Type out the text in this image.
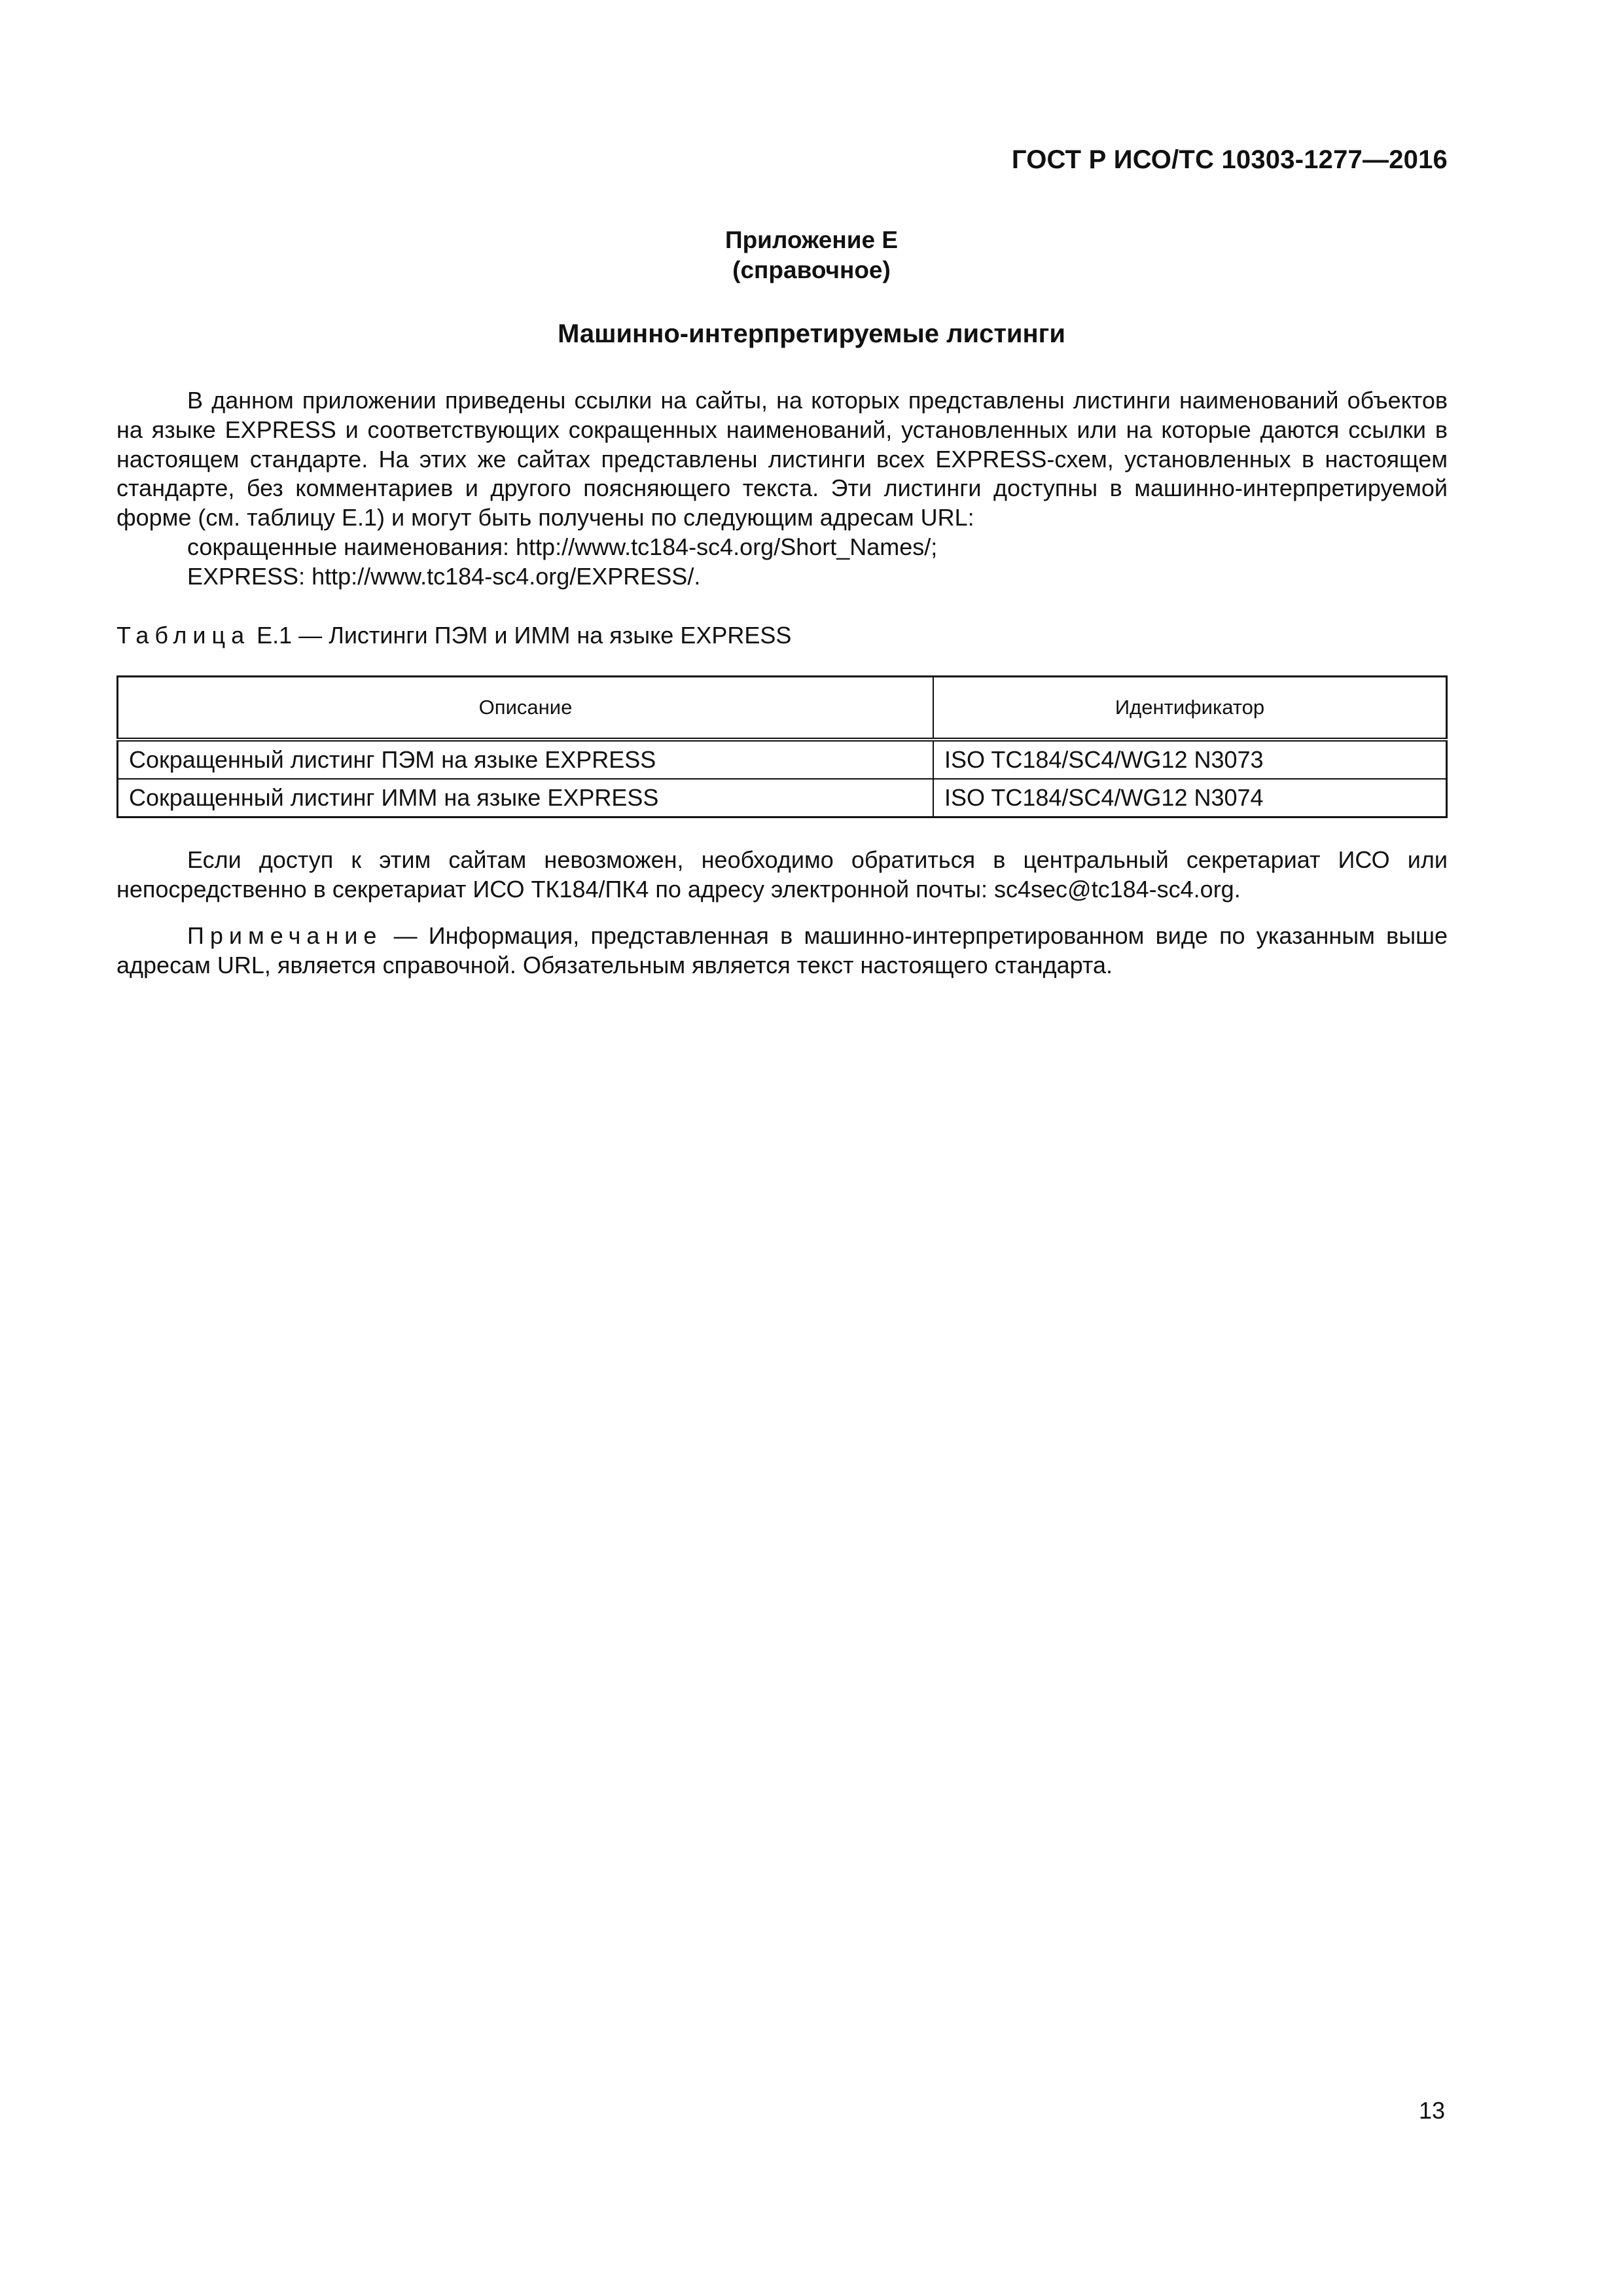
ГОСТ Р ИСО/ТС 10303-1277—2016
Приложение Е
(справочное)
Машинно-интерпретируемые листинги

В данном приложении приведены ссылки на сайты, на которых представлены листинги наименований объектов на языке EXPRESS и соответствующих сокращенных наименований, установленных или на которые даются ссылки в настоящем стандарте. На этих же сайтах представлены листинги всех EXPRESS-схем, установленных в настоящем стандарте, без комментариев и другого поясняющего текста. Эти листинги доступны в машинно-интерпретируемой форме (см. таблицу Е.1) и могут быть получены по следующим адресам URL:

сокращенные наименования: http://www.tc184-sc4.org/Short_Names/;

EXPRESS: http://www.tc184-sc4.org/EXPRESS/.

Таблица Е.1 — Листинги ПЭМ и ИММ на языке EXPRESS
Описание	Идентификатор
Сокращенный листинг ПЭМ на языке EXPRESS	ISO TC184/SC4/WG12 N3073
Сокращенный листинг ИММ на языке EXPRESS	ISO TC184/SC4/WG12 N3074

Если доступ к этим сайтам невозможен, необходимо обратиться в центральный секретариат ИСО или непосредственно в секретариат ИСО ТК184/ПК4 по адресу электронной почты: sc4sec@tc184-sc4.org.

Примечание — Информация, представленная в машинно-интерпретированном виде по указанным выше адресам URL, является справочной. Обязательным является текст настоящего стандарта.

13
